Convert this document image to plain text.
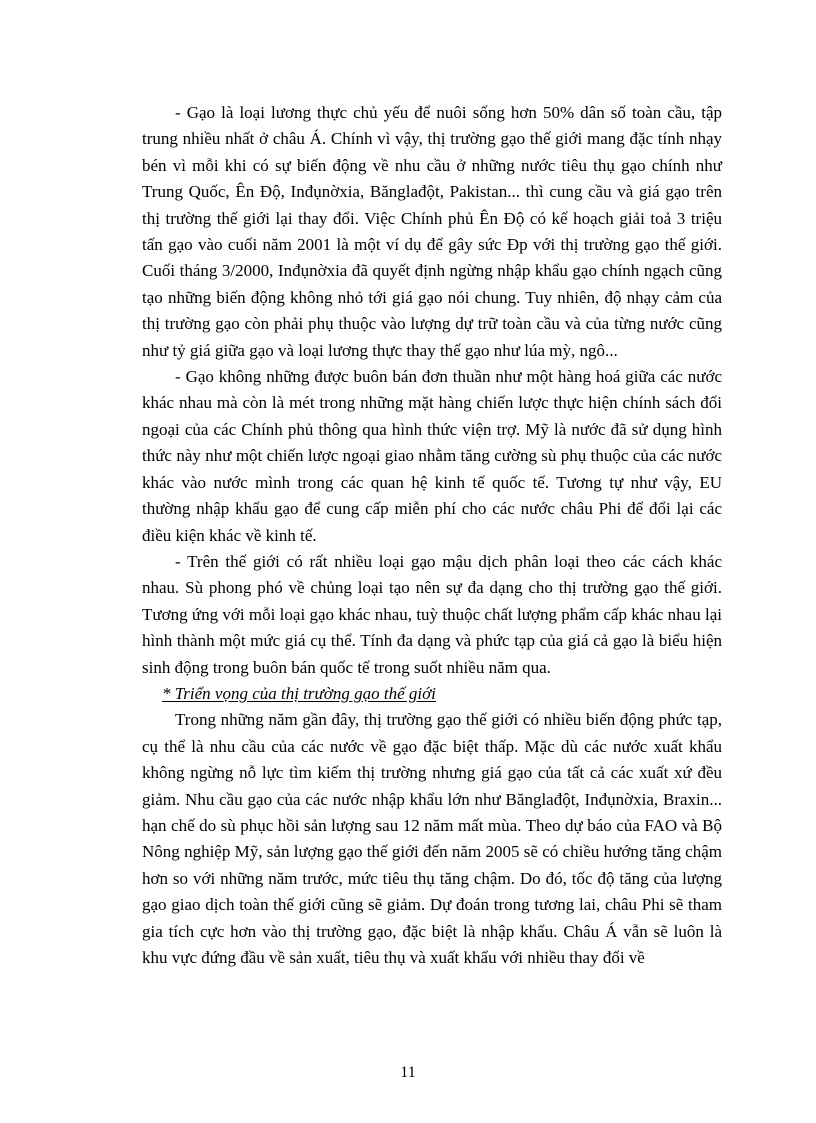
- Gạo là loại lương thực chủ yếu để nuôi sống hơn 50% dân số toàn cầu, tập trung nhiều nhất ở châu Á. Chính vì vậy, thị trường gạo thế giới mang đặc tính nhạy bén vì mỗi khi có sự biến động về nhu cầu ở những nước tiêu thụ gạo chính như Trung Quốc, Ên Độ, Inđụnờxia, Bănglađột, Pakistan... thì cung cầu và giá gạo trên thị trường thế giới lại thay đổi. Việc Chính phủ Ên Độ có kế hoạch giải toả 3 triệu tấn gạo vào cuối năm 2001 là một ví dụ để gây sức Ðp với thị trường gạo thế giới. Cuối tháng 3/2000, Inđụnờxia đã quyết định ngừng nhập khẩu gạo chính ngạch cũng tạo những biến động không nhỏ tới giá gạo nói chung. Tuy nhiên, độ nhạy cảm của thị trường gạo còn phải phụ thuộc vào lượng dự trữ toàn cầu và của từng nước cũng như tỷ giá giữa gạo và loại lương thực thay thế gạo như lúa mỳ, ngô...

- Gạo không những được buôn bán đơn thuần như một hàng hoá giữa các nước khác nhau mà còn là mét trong những mặt hàng chiến lược thực hiện chính sách đối ngoại của các Chính phủ thông qua hình thức viện trợ. Mỹ là nước đã sử dụng hình thức này như một chiến lược ngoại giao nhằm tăng cường sù phụ thuộc của các nước khác vào nước mình trong các quan hệ kinh tế quốc tế. Tương tự như vậy, EU thường nhập khẩu gạo để cung cấp miễn phí cho các nước châu Phi để đổi lại các điều kiện khác về kinh tế.

- Trên thế giới có rất nhiều loại gạo mậu dịch phân loại theo các cách khác nhau. Sù phong phó về chủng loại tạo nên sự đa dạng cho thị trường gạo thế giới. Tương ứng với mỗi loại gạo khác nhau, tuỳ thuộc chất lượng phẩm cấp khác nhau lại hình thành một mức giá cụ thể. Tính đa dạng và phức tạp của giá cả gạo là biểu hiện sinh động trong buôn bán quốc tế trong suốt nhiều năm qua.

* Triển vọng của thị trường gạo thế giới

Trong những năm gần đây, thị trường gạo thế giới có nhiều biến động phức tạp, cụ thể là nhu cầu của các nước về gạo đặc biệt thấp. Mặc dù các nước xuất khẩu không ngừng nỗ lực tìm kiếm thị trường nhưng giá gạo của tất cả các xuất xứ đều giảm. Nhu cầu gạo của các nước nhập khẩu lớn như Bănglađột, Inđụnờxia, Braxin... hạn chế do sù phục hồi sản lượng sau 12 năm mất mùa. Theo dự báo của FAO và Bộ Nông nghiệp Mỹ, sản lượng gạo thế giới đến năm 2005 sẽ có chiều hướng tăng chậm hơn so với những năm trước, mức tiêu thụ tăng chậm. Do đó, tốc độ tăng của lượng gạo giao dịch toàn thế giới cũng sẽ giảm. Dự đoán trong tương lai, châu Phi sẽ tham gia tích cực hơn vào thị trường gạo, đặc biệt là nhập khẩu. Châu Á vẫn sẽ luôn là khu vực đứng đầu về sản xuất, tiêu thụ và xuất khẩu với nhiều thay đổi về

11
